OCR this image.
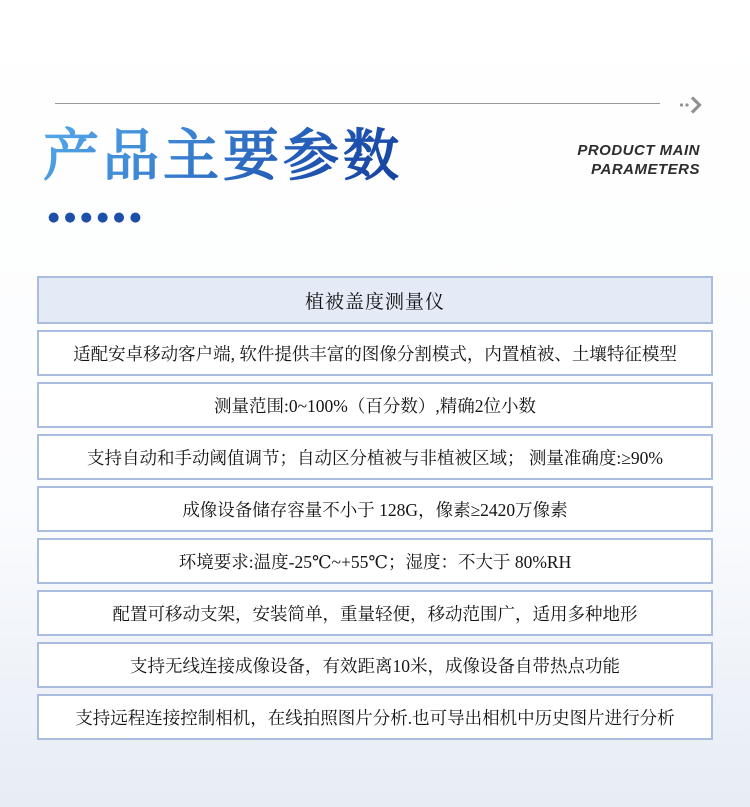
产品主要参数
●●●●●●
PRODUCT MAIN
PARAMETERS
植被盖度测量仪
适配安卓移动客户端, 软件提供丰富的图像分割模式，内置植被、土壤特征模型
测量范围:0~100%（百分数）,精确2位小数
支持自动和手动阈值调节；自动区分植被与非植被区域； 测量准确度:≥90%
成像设备储存容量不小于 128G，像素≥2420万像素
环境要求:温度-25℃~+55℃；湿度：不大于 80%RH
配置可移动支架，安装简单，重量轻便，移动范围广，适用多种地形
支持无线连接成像设备，有效距离10米，成像设备自带热点功能
支持远程连接控制相机，在线拍照图片分析.也可导出相机中历史图片进行分析
